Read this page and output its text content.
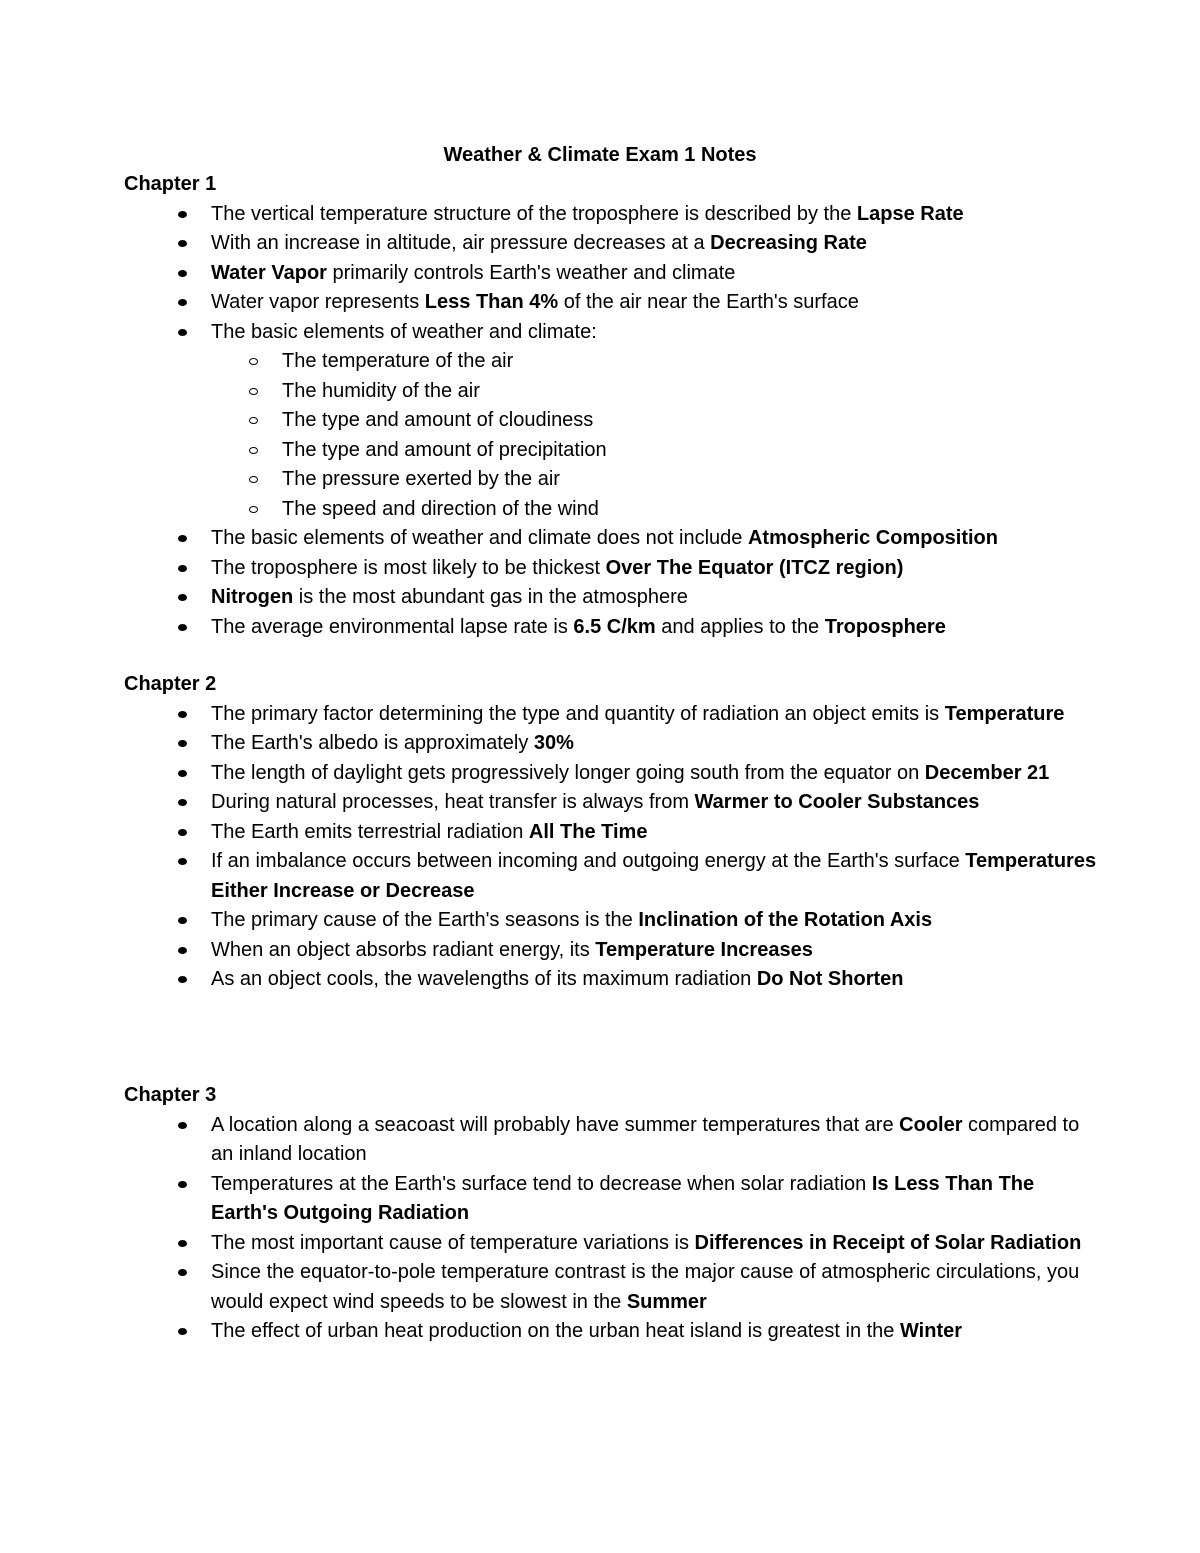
Weather & Climate Exam 1 Notes
Chapter 1
The vertical temperature structure of the troposphere is described by the Lapse Rate
With an increase in altitude, air pressure decreases at a Decreasing Rate
Water Vapor primarily controls Earth's weather and climate
Water vapor represents Less Than 4% of the air near the Earth's surface
The basic elements of weather and climate:
The temperature of the air
The humidity of the air
The type and amount of cloudiness
The type and amount of precipitation
The pressure exerted by the air
The speed and direction of the wind
The basic elements of weather and climate does not include Atmospheric Composition
The troposphere is most likely to be thickest Over The Equator (ITCZ region)
Nitrogen is the most abundant gas in the atmosphere
The average environmental lapse rate is 6.5 C/km and applies to the Troposphere
Chapter 2
The primary factor determining the type and quantity of radiation an object emits is Temperature
The Earth's albedo is approximately 30%
The length of daylight gets progressively longer going south from the equator on December 21
During natural processes, heat transfer is always from Warmer to Cooler Substances
The Earth emits terrestrial radiation All The Time
If an imbalance occurs between incoming and outgoing energy at the Earth's surface Temperatures Either Increase or Decrease
The primary cause of the Earth's seasons is the Inclination of the Rotation Axis
When an object absorbs radiant energy, its Temperature Increases
As an object cools, the wavelengths of its maximum radiation Do Not Shorten
Chapter 3
A location along a seacoast will probably have summer temperatures that are Cooler compared to an inland location
Temperatures at the Earth's surface tend to decrease when solar radiation Is Less Than The Earth's Outgoing Radiation
The most important cause of temperature variations is Differences in Receipt of Solar Radiation
Since the equator-to-pole temperature contrast is the major cause of atmospheric circulations, you would expect wind speeds to be slowest in the Summer
The effect of urban heat production on the urban heat island is greatest in the Winter
